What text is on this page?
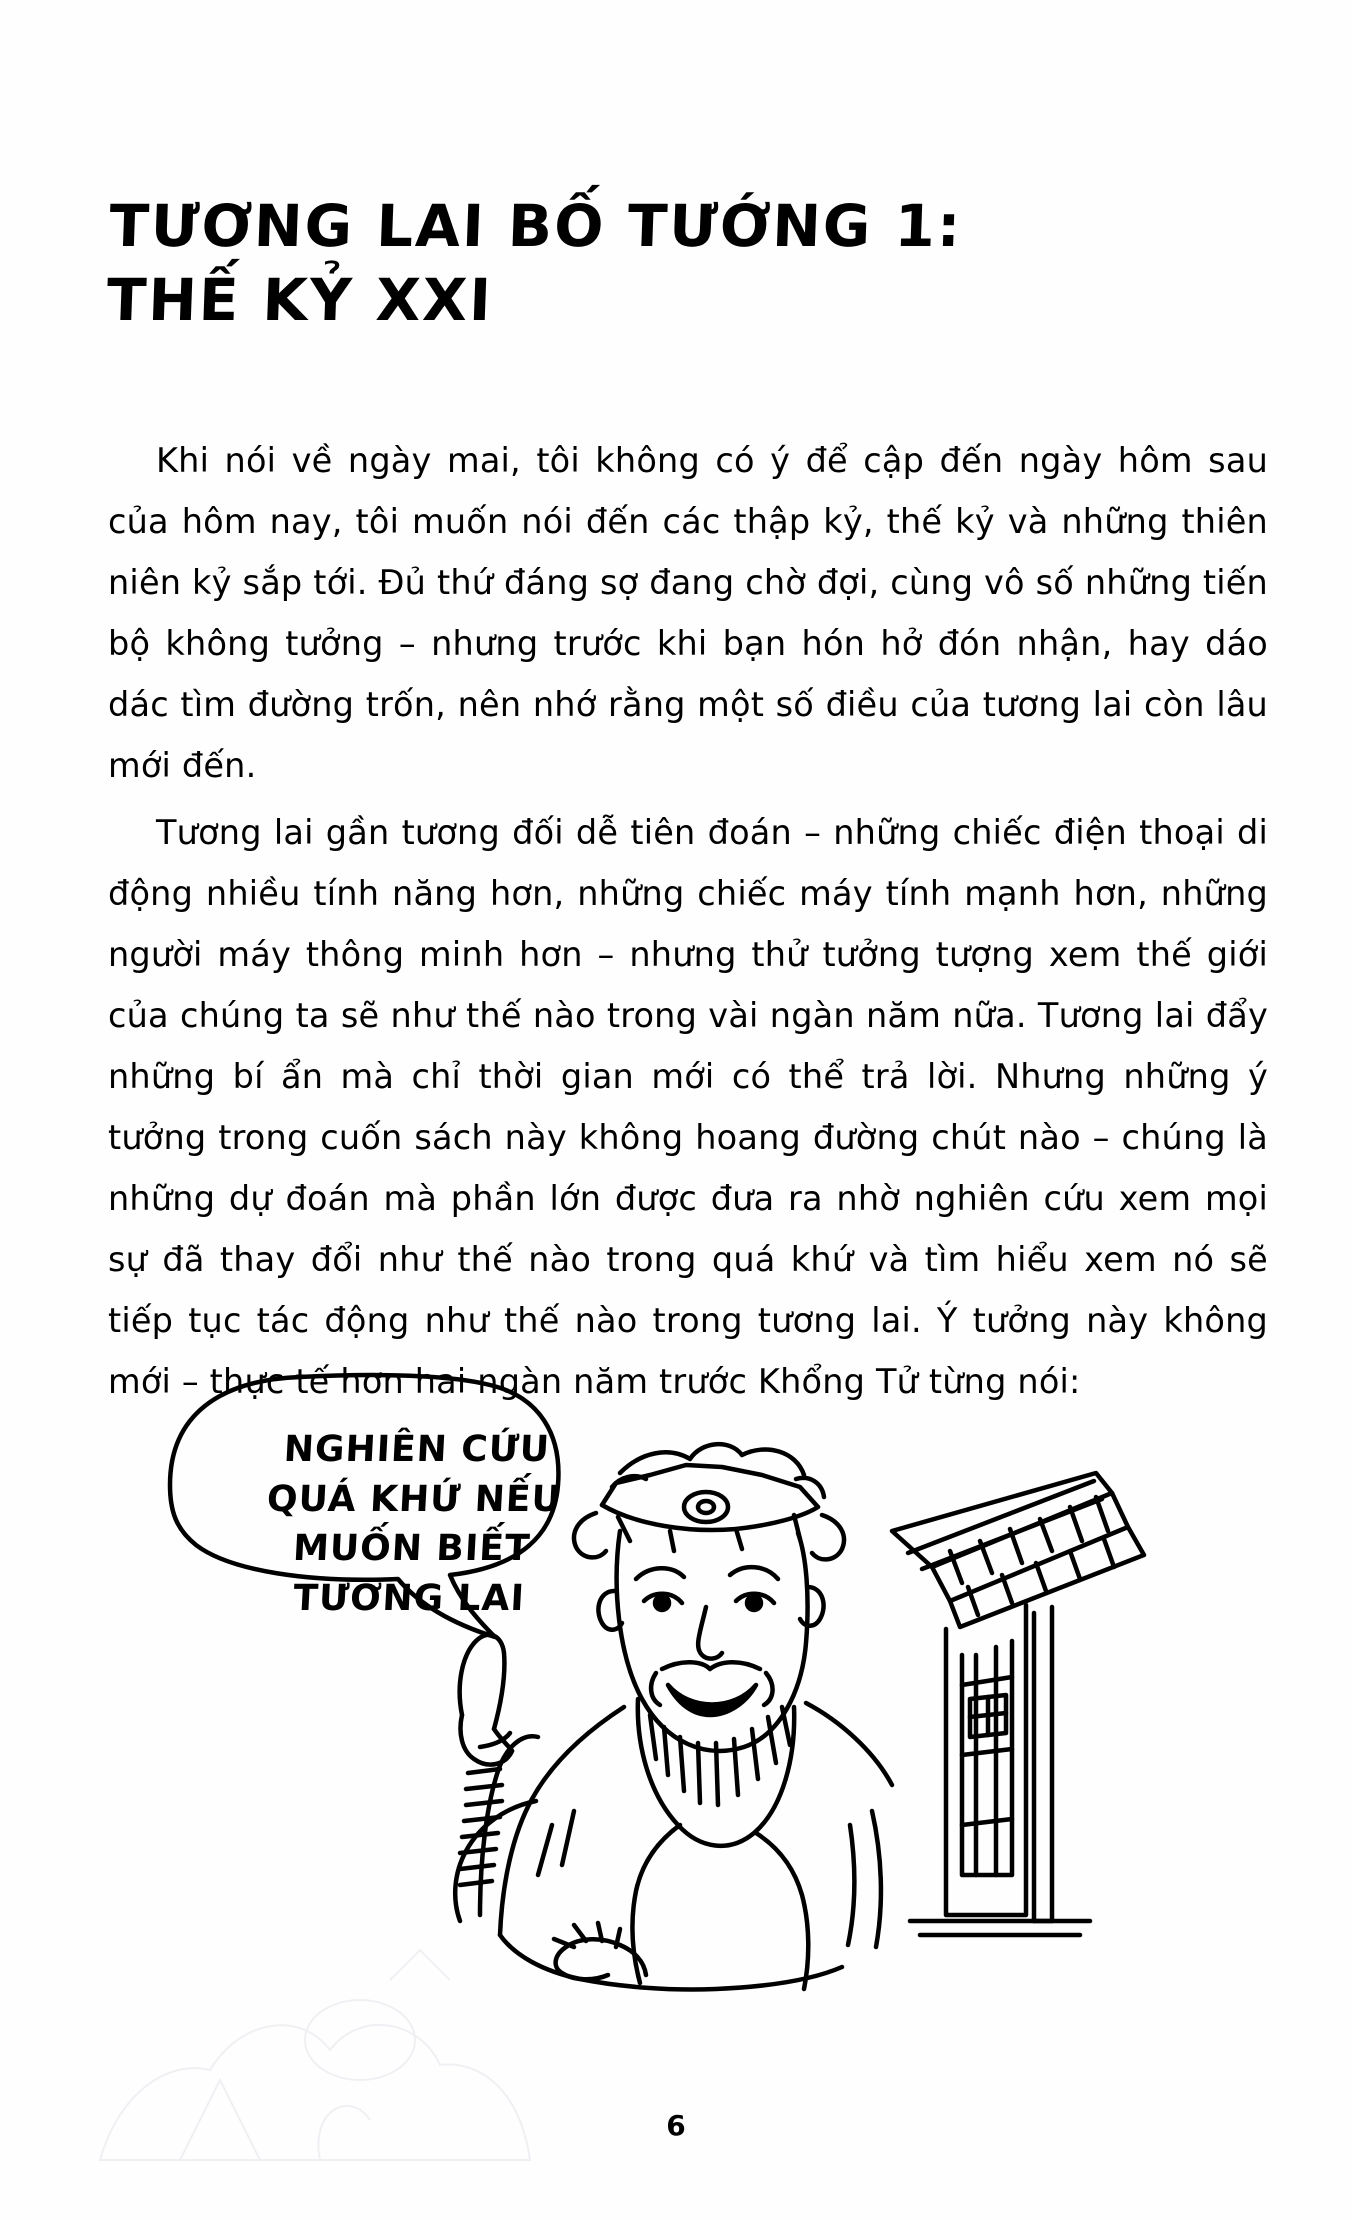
TƯƠNG LAI BỐ TƯỚNG 1:
THẾ KỶ XXI

Khi nói về ngày mai, tôi không có ý để cập đến ngày hôm sau của hôm nay, tôi muốn nói đến các thập kỷ, thế kỷ và những thiên niên kỷ sắp tới. Đủ thứ đáng sợ đang chờ đợi, cùng vô số những tiến bộ không tưởng – nhưng trước khi bạn hón hở đón nhận, hay dáo dác tìm đường trốn, nên nhớ rằng một số điều của tương lai còn lâu mới đến.

Tương lai gần tương đối dễ tiên đoán – những chiếc điện thoại di động nhiều tính năng hơn, những chiếc máy tính mạnh hơn, những người máy thông minh hơn – nhưng thử tưởng tượng xem thế giới của chúng ta sẽ như thế nào trong vài ngàn năm nữa. Tương lai đẩy những bí ẩn mà chỉ thời gian mới có thể trả lời. Nhưng những ý tưởng trong cuốn sách này không hoang đường chút nào – chúng là những dự đoán mà phần lớn được đưa ra nhờ nghiên cứu xem mọi sự đã thay đổi như thế nào trong quá khứ và tìm hiểu xem nó sẽ tiếp tục tác động như thế nào trong tương lai. Ý tưởng này không mới – thực tế hơn hai ngàn năm trước Khổng Tử từng nói:

NGHIÊN CỨU
QUÁ KHỨ NẾU
MUỐN BIẾT
TƯƠNG LAI
6
